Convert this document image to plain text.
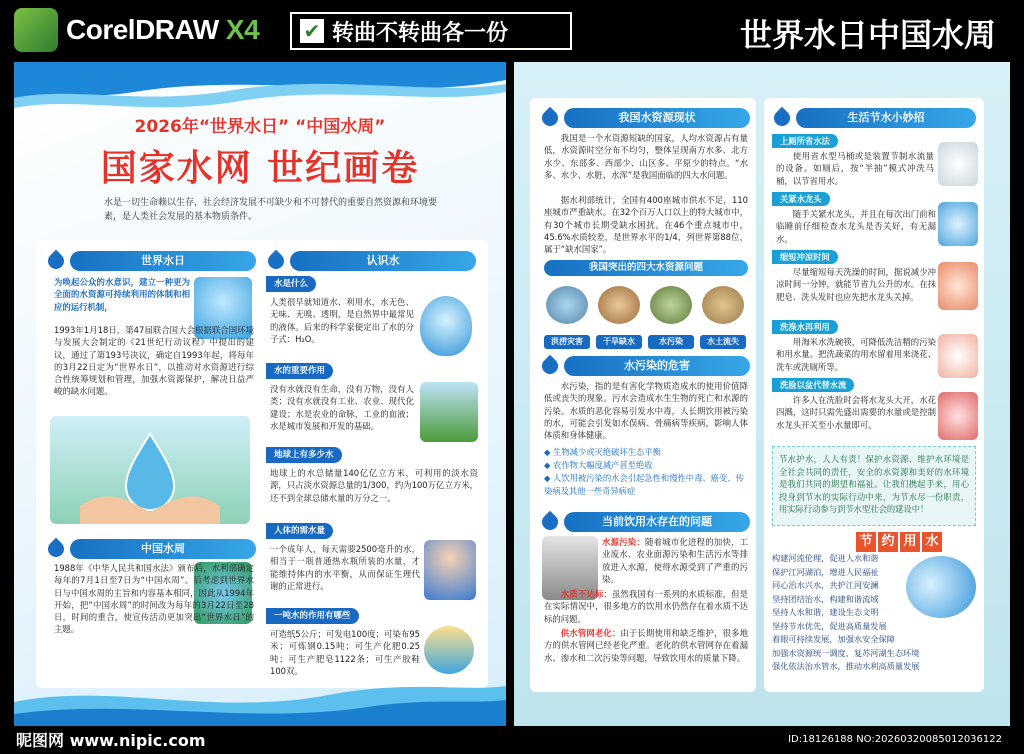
CorelDRAW X4 ✔ 转曲不转曲各一份	世界水日中国水周
2026年“世界水日” “中国水周”
国家水网 世纪画卷
水是一切生命赖以生存，社会经济发展不可缺少和不可替代的重要自然资源和环境要素，是人类社会发展的基本物质条件。
世界水日
为唤起公众的水意识，建立一种更为全面的水资源可持续利用的体制和相应的运行机制，
1993年1月18日，第47届联合国大会根据联合国环境与发展大会制定的《21世纪行动议程》中提出的建议，通过了第193号决议，确定自1993年起，将每年的3月22日定为“世界水日”，以推动对水资源进行综合性统筹规划和管理，加强水资源保护，解决日益严峻的缺水问题。
中国水周
1988年《中华人民共和国水法》颁布后，水利部确定每年的7月1日至7日为“中国水周”。后考虑到世界水日与中国水周的主旨和内容基本相同，因此从1994年开始，把“中国水周”的时间改为每年的3月22日至28日，时间的重合，使宣传活动更加突出“世界水日”的主题。
认识水
水是什么
人类很早就知道水、利用水，水无色、无味、无嗅、透明，是自然界中最常见的液体。后来的科学家便定出了水的分子式：H₂O。
水的重要作用
没有水就没有生命，没有万物，没有人类；没有水就没有工业、农业、现代化建设；水是农业的命脉，工业的血液；水是城市发展和开发的基础。
地球上有多少水
地球上的水总储量140亿亿立方米，可利用的淡水资源，只占淡水资源总量的1/300，约为100万亿立方米，还不到全球总储水量的万分之一。
人体的需水量
一个成年人，每天需要2500毫升的水，相当于一瓶普通热水瓶所装的水量，才能维持体内的水平衡，从而保证生理代谢的正常进行。
一吨水的作用有哪些
可造纸5公斤；可发电100度；可染布95米；可炼钢0.15吨；可生产化肥0.25吨；可生产肥皂1122条；可生产胶鞋100双。
我国水资源现状
我国是一个水资源短缺的国家，人均水资源占有量低，水资源时空分布不均匀，整体呈现南方水多、北方水少、东部多、西部少、山区多、平原少的特点。“水多、水少、水脏、水浑”是我国面临的四大水问题。
据水利部统计，全国有400座城市供水不足，110座城市严重缺水。在32个百万人口以上的特大城市中，有30个城市长期受缺水困扰。在46个重点城市中，45.6%水质较差，是世界水平的1/4，列世界第88位，属于“缺水国家”。
我国突出的四大水资源问题
洪涝灾害	干旱缺水	水污染	水土流失
水污染的危害
水污染，指的是有害化学物质造成水的使用价值降低或丧失的现象。污水会造成水生生物的死亡和水源的污染。水质的恶化容易引发水中毒，人长期饮用被污染的水，可能会引发如水俣病、骨痛病等疾病，影响人体体质和身体健康。
◆ 生物减少或灭绝破坏生态平衡
◆ 农作物大幅度减产甚至绝收
◆ 人饮用被污染的水会引起急性和慢性中毒、癌变、传染病及其他一些奇异病症
当前饮用水存在的问题
水源污染：随着城市化进程的加快，工业废水、农业面源污染和生活污水等排放进入水源，使得水源受到了严重的污染。
水质不达标：虽然我国有一系列的水质标准，但是在实际情况中，很多地方的饮用水仍然存在着水质不达标的问题。
供水管网老化：由于长期使用和缺乏维护，很多地方的供水管网已经老化严重。老化的供水管网存在着漏水、渗水和二次污染等问题，导致饮用水的质量下降。
生活节水小妙招
上厕所省水法
使用省水型马桶或是装置节制水流量的设备。如厕后，按“半抽”模式冲洗马桶，以节省用水。
关紧水龙头
随手关紧水龙头，并且在每次出门前和临睡前仔细检查水龙头是否关好，有无漏水。
缩短冲凉时间
尽量缩短每天洗澡的时间，据说减少冲凉时间一分钟，就能节省九公升的水。在抹肥皂、洗头发时也应先把水龙头关掉。
洗涤水再利用
用淘米水洗碗筷，可降低洗洁精的污染和用水量。把洗蔬菜的用水留着用来浇花、洗车或洗厕所等。
洗脸以盆代替水流
许多人在洗脸时会将水龙头大开，水花四溅，这时只需先盛出需要的水量或是控制水龙头开关至小水量即可。
节水护水，人人有责！保护水资源、维护水环境是全社会共同的责任，安全的水资源和美好的水环境是我们共同的期望和福祉。让我们携起手来，用心投身到节水的实际行动中来，为节水尽一份职责，用实际行动参与到节水型社会的建设中！
节 约 用 水
构建河流伦理，促进人水和谐
保护江河湖泊，增进人民福祉
同心治水兴水，共护江河安澜
坚持团结治水，构建和谐流域
坚持人水和谐，建设生态文明
坚持节水优先，促进高质量发展
着眼可持续发展，加强水安全保障
加强水资源统一调度，复苏河湖生态环境
强化依法治水管水，推动水利高质量发展
昵图网 www.nipic.com	ID:18126188 NO:20260320085012036122
